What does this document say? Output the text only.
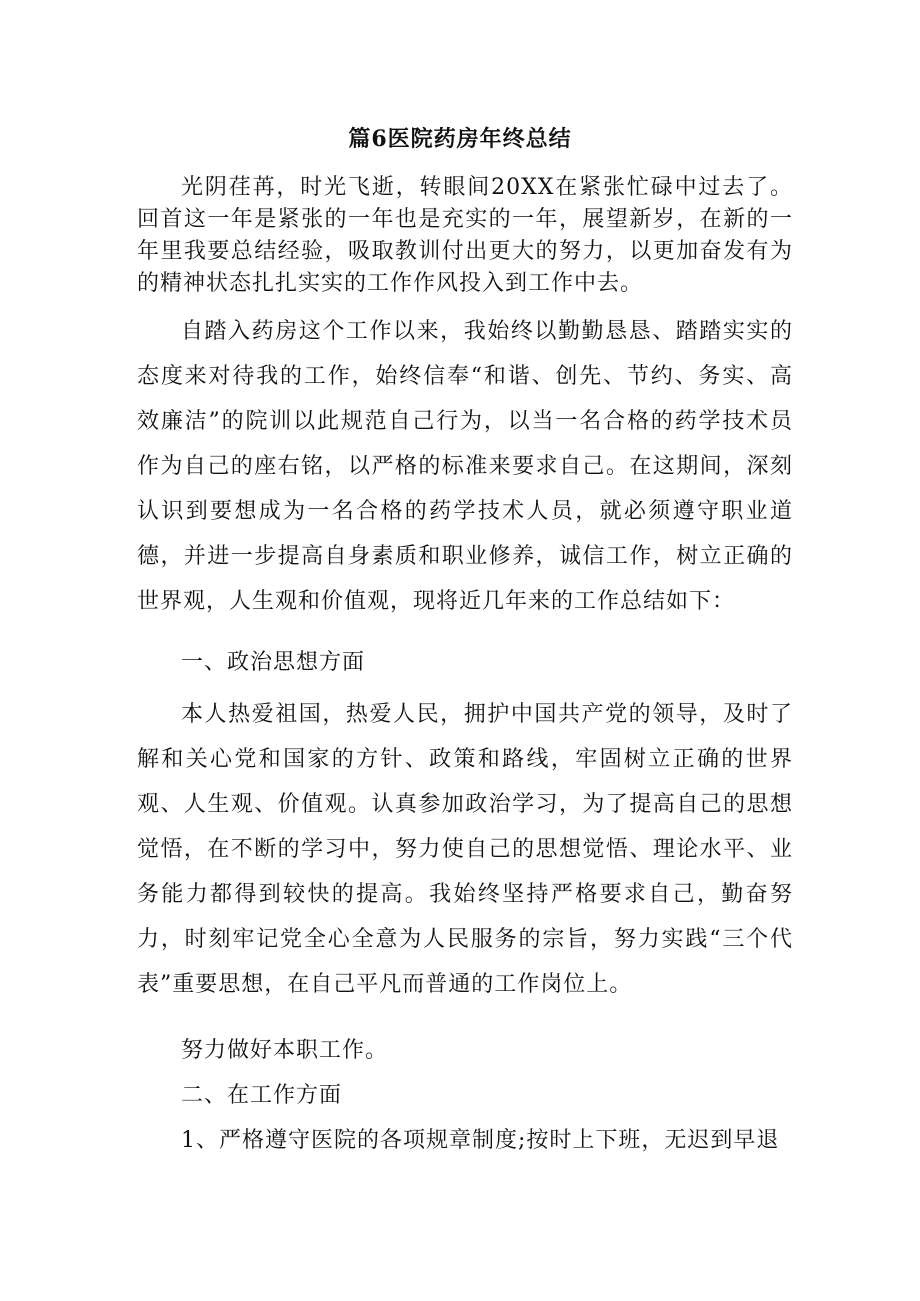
篇6医院药房年终总结

光阴荏苒，时光飞逝，转眼间20XX在紧张忙碌中过去了。回首这一年是紧张的一年也是充实的一年，展望新岁，在新的一年里我要总结经验，吸取教训付出更大的努力，以更加奋发有为的精神状态扎扎实实的工作作风投入到工作中去。

自踏入药房这个工作以来，我始终以勤勤恳恳、踏踏实实的态度来对待我的工作，始终信奉“和谐、创先、节约、务实、高效廉洁”的院训以此规范自己行为，以当一名合格的药学技术员作为自己的座右铭，以严格的标准来要求自己。在这期间，深刻认识到要想成为一名合格的药学技术人员，就必须遵守职业道德，并进一步提高自身素质和职业修养，诚信工作，树立正确的世界观，人生观和价值观，现将近几年来的工作总结如下：

一、政治思想方面

本人热爱祖国，热爱人民，拥护中国共产党的领导，及时了解和关心党和国家的方针、政策和路线，牢固树立正确的世界观、人生观、价值观。认真参加政治学习，为了提高自己的思想觉悟，在不断的学习中，努力使自己的思想觉悟、理论水平、业务能力都得到较快的提高。我始终坚持严格要求自己，勤奋努力，时刻牢记党全心全意为人民服务的宗旨，努力实践“三个代表”重要思想，在自己平凡而普通的工作岗位上。

努力做好本职工作。

二、在工作方面

1、严格遵守医院的各项规章制度;按时上下班，无迟到早退
